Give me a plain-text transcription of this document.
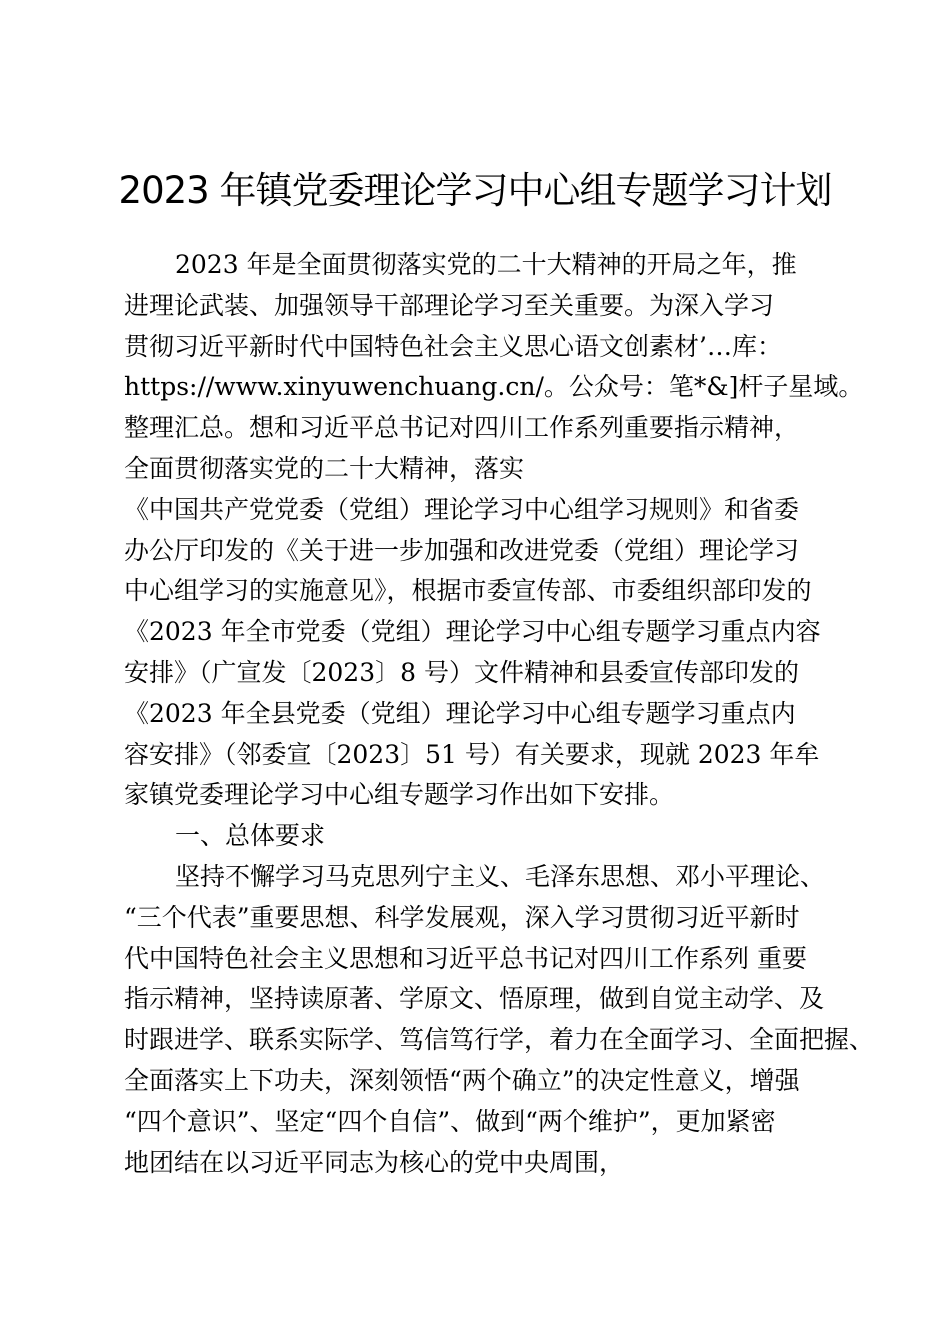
2023 年镇党委理论学习中心组专题学习计划
2023 年是全面贯彻落实党的二十大精神的开局之年，推
进理论武装、加强领导干部理论学习至关重要。为深入学习
贯彻习近平新时代中国特色社会主义思心语文创素材’…库：
https://www.xinyuwenchuang.cn/。公众号：笔*&]杆子星域。
整理汇总。想和习近平总书记对四川工作系列重要指示精神，
全面贯彻落实党的二十大精神，落实
《中国共产党党委（党组）理论学习中心组学习规则》和省委
办公厅印发的《关于进一步加强和改进党委（党组）理论学习
中心组学习的实施意见》，根据市委宣传部、市委组织部印发的
《2023 年全市党委（党组）理论学习中心组专题学习重点内容
安排》（广宣发〔2023〕8 号）文件精神和县委宣传部印发的
《2023 年全县党委（党组）理论学习中心组专题学习重点内
容安排》（邻委宣〔2023〕51 号）有关要求，现就 2023 年牟
家镇党委理论学习中心组专题学习作出如下安排。
一、总体要求
坚持不懈学习马克思列宁主义、毛泽东思想、邓小平理论、
“三个代表”重要思想、科学发展观，深入学习贯彻习近平新时
代中国特色社会主义思想和习近平总书记对四川工作系列 重要
指示精神，坚持读原著、学原文、悟原理，做到自觉主动学、及
时跟进学、联系实际学、笃信笃行学，着力在全面学习、全面把握、
全面落实上下功夫，深刻领悟“两个确立”的决定性意义，增强
“四个意识”、坚定“四个自信”、做到“两个维护”，更加紧密
地团结在以习近平同志为核心的党中央周围，
